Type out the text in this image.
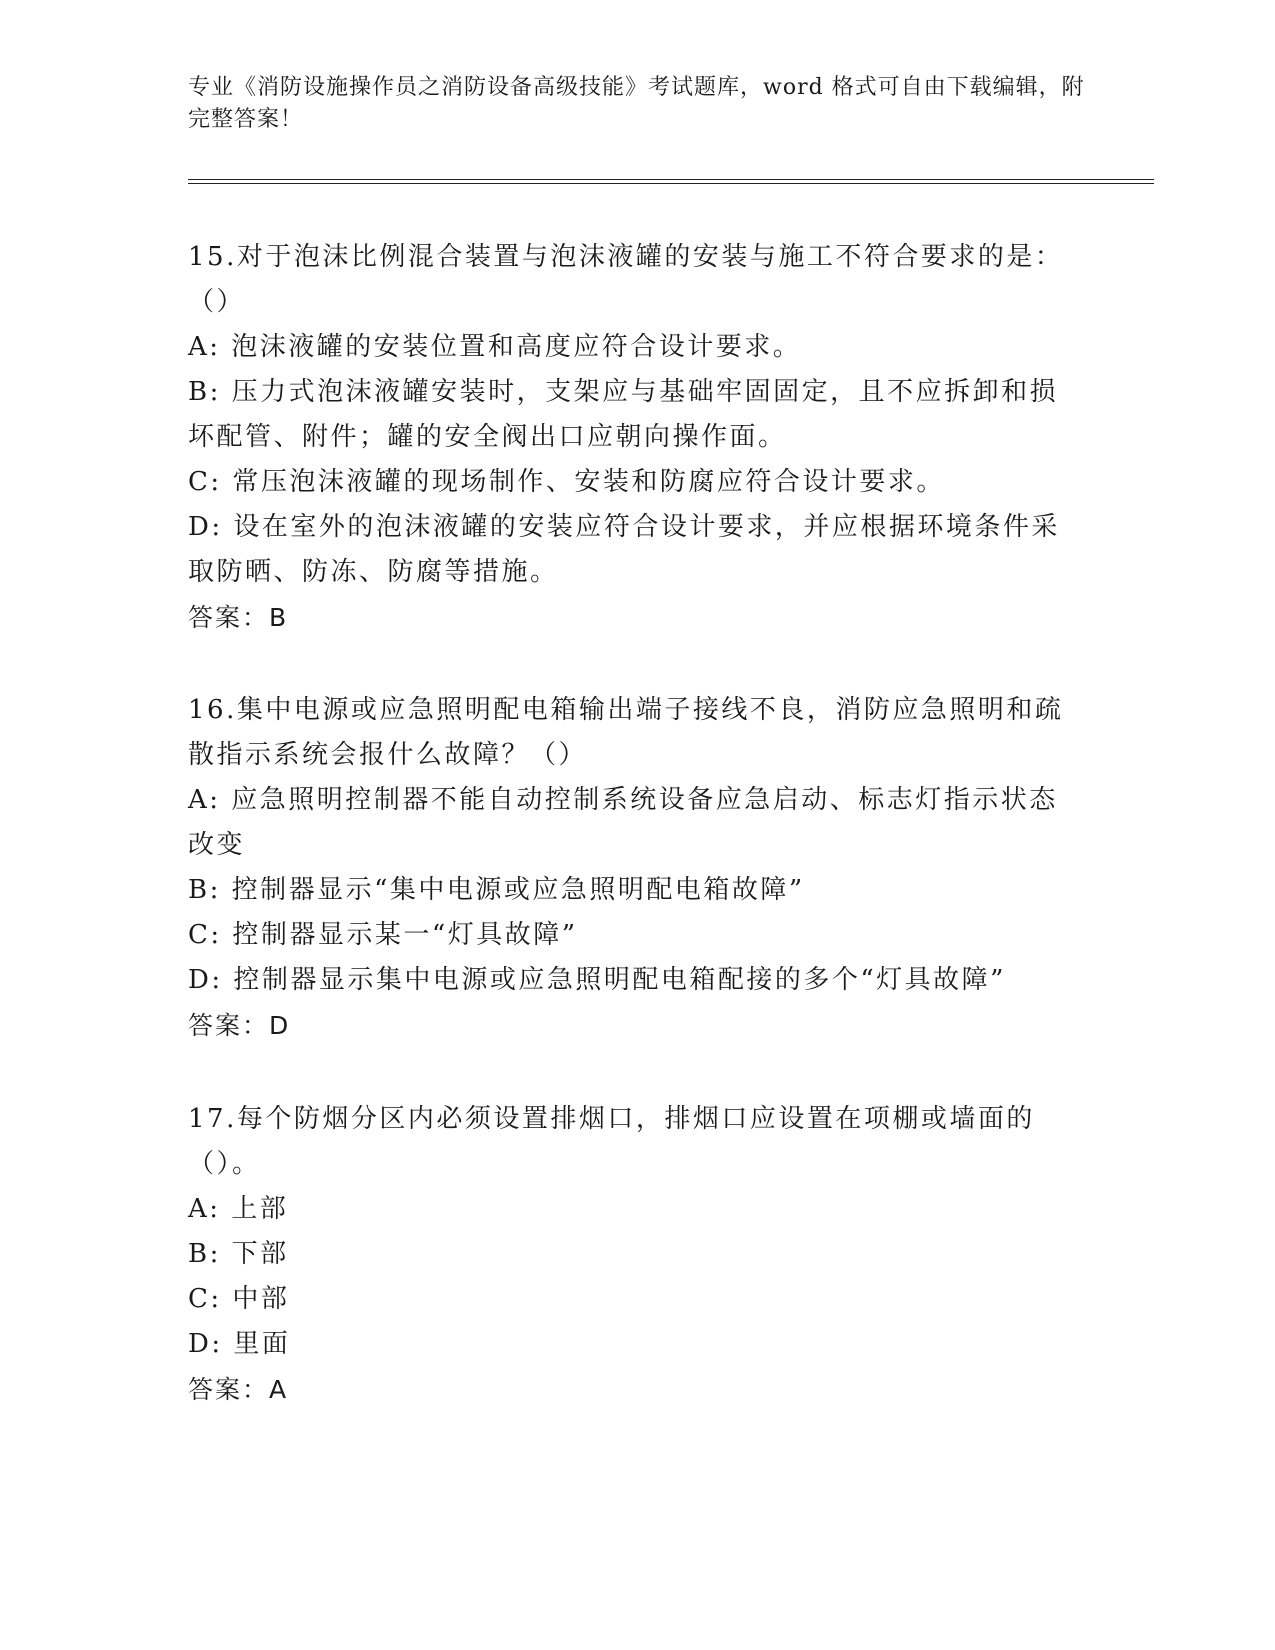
专业《消防设施操作员之消防设备高级技能》考试题库，word 格式可自由下载编辑，附完整答案！

15.对于泡沫比例混合装置与泡沫液罐的安装与施工不符合要求的是：（）

A: 泡沫液罐的安装位置和高度应符合设计要求。

B: 压力式泡沫液罐安装时，支架应与基础牢固固定，且不应拆卸和损坏配管、附件；罐的安全阀出口应朝向操作面。

C: 常压泡沫液罐的现场制作、安装和防腐应符合设计要求。

D: 设在室外的泡沫液罐的安装应符合设计要求，并应根据环境条件采取防晒、防冻、防腐等措施。

答案：B

16.集中电源或应急照明配电箱输出端子接线不良，消防应急照明和疏散指示系统会报什么故障？（）

A: 应急照明控制器不能自动控制系统设备应急启动、标志灯指示状态改变

B: 控制器显示“集中电源或应急照明配电箱故障”

C: 控制器显示某一“灯具故障”

D: 控制器显示集中电源或应急照明配电箱配接的多个“灯具故障”

答案：D

17.每个防烟分区内必须设置排烟口，排烟口应设置在项棚或墙面的（）。

A: 上部

B: 下部

C: 中部

D: 里面

答案：A
